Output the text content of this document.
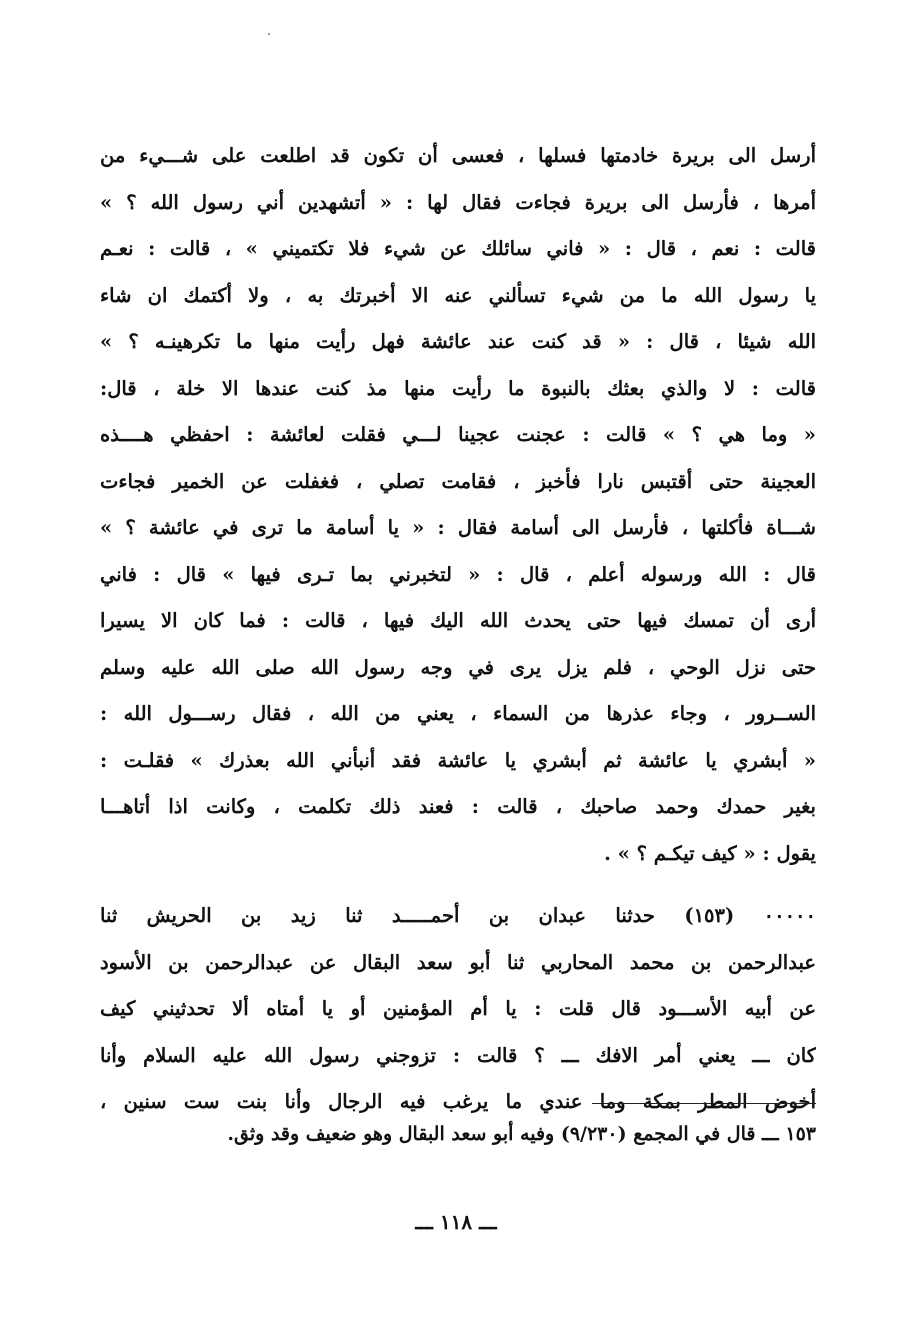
أرسل الى بريرة خادمتها فسلها ، فعسى أن تكون قد اطلعت على شـــيء من
أمرها ، فأرسل الى بريرة فجاءت فقال لها : « أتشهدين أني رسول الله ؟ »
قالت : نعم ، قال : « فاني سائلك عن شيء فلا تكتميني » ، قالت : نعـم
يا رسول الله ما من شيء تسألني عنه الا أخبرتك به ، ولا أكتمك ان شاء
الله شيئا ، قال : « قد كنت عند عائشة فهل رأيت منها ما تكرهينـه ؟ »
قالت : لا والذي بعثك بالنبوة ما رأيت منها مذ كنت عندها الا خلة ، قال:
« وما هي ؟ » قالت : عجنت عجينا لـــي فقلت لعائشة : احفظي هــــذه
العجينة حتى أقتبس نارا فأخبز ، فقامت تصلي ، فغفلت عن الخمير فجاءت
شـــاة فأكلتها ، فأرسل الى أسامة فقال : « يا أسامة ما ترى في عائشة ؟ »
قال : الله ورسوله أعلم ، قال : « لتخبرني بما تـرى فيها » قال : فاني
أرى أن تمسك فيها حتى يحدث الله اليك فيها ، قالت : فما كان الا يسيرا
حتى نزل الوحي ، فلم يزل يرى في وجه رسول الله صلى الله عليه وسلم
الســرور ، وجاء عذرها من السماء ، يعني من الله ، فقال رســـول الله :
« أبشري يا عائشة ثم أبشري يا عائشة فقد أنبأني الله بعذرك » فقلـت :
بغير حمدك وحمد صاحبك ، قالت : فعند ذلك تكلمت ، وكانت اذا أتاهـــا
يقول : « كيف تيكـم ؟ » .
٠٠٠٠٠ (١٥٣) حدثنا عبدان بن أحمـــــد ثنا زيد بن الحريش ثنا
عبدالرحمن بن محمد المحاربي ثنا أبو سعد البقال عن عبدالرحمن بن الأسود
عن أبيه الأســـود قال قلت : يا أم المؤمنين أو يا أمتاه ألا تحدثيني كيف
كان ـــ يعني أمر الافك ـــ ؟ قالت : تزوجني رسول الله عليه السلام وأنا
أخوض المطر بمكة وما عندي ما يرغب فيه الرجال وأنا بنت ست سنين ،
١٥٣ ـــ قال في المجمع (٩/٢٣٠) وفيه أبو سعد البقال وهو ضعيف وقد وثق.
ـــ ١١٨ ـــ
